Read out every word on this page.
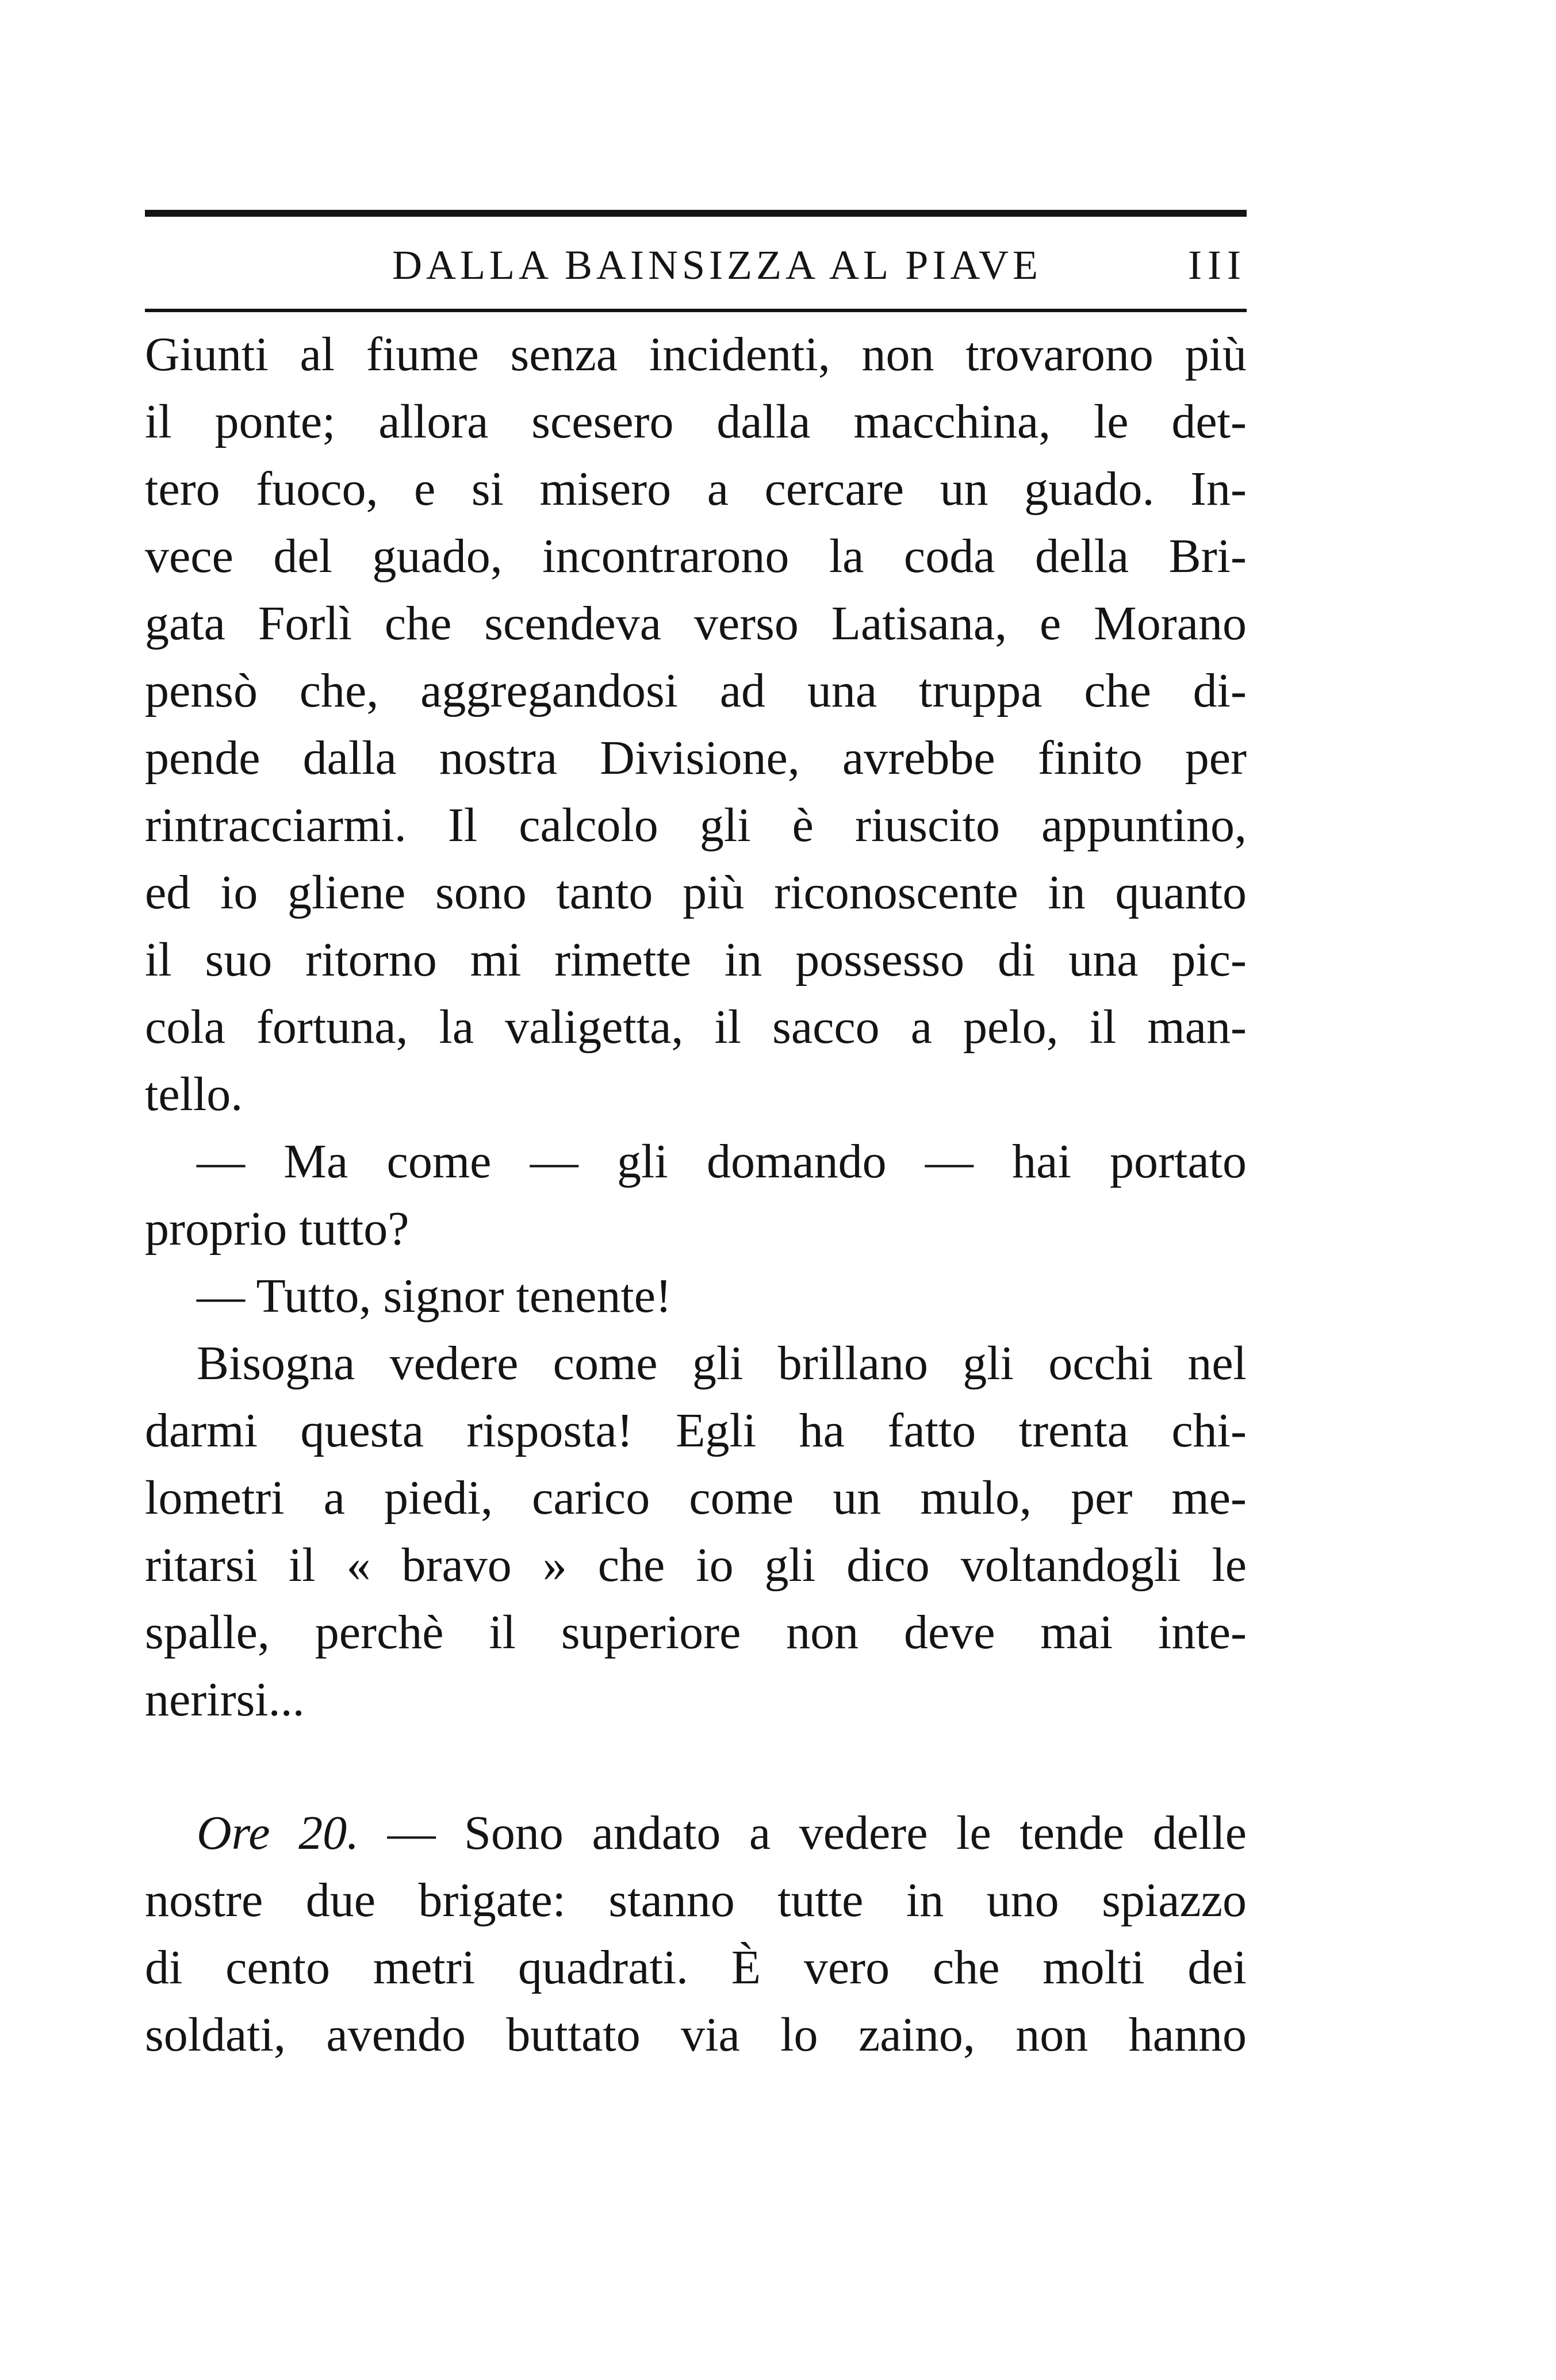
DALLA BAINSIZZA AL PIAVE	III
Giunti al fiume senza incidenti, non trovarono più
il ponte; allora scesero dalla macchina, le det-
tero fuoco, e si misero a cercare un guado. In-
vece del guado, incontrarono la coda della Bri-
gata Forlì che scendeva verso Latisana, e Morano
pensò che, aggregandosi ad una truppa che di-
pende dalla nostra Divisione, avrebbe finito per
rintracciarmi. Il calcolo gli è riuscito appuntino,
ed io gliene sono tanto più riconoscente in quanto
il suo ritorno mi rimette in possesso di una pic-
cola fortuna, la valigetta, il sacco a pelo, il man-
tello.
— Ma come — gli domando — hai portato
proprio tutto?
— Tutto, signor tenente!
Bisogna vedere come gli brillano gli occhi nel
darmi questa risposta! Egli ha fatto trenta chi-
lometri a piedi, carico come un mulo, per me-
ritarsi il « bravo » che io gli dico voltandogli le
spalle, perchè il superiore non deve mai inte-
nerirsi...
Ore 20. — Sono andato a vedere le tende delle
nostre due brigate: stanno tutte in uno spiazzo
di cento metri quadrati. È vero che molti dei
soldati, avendo buttato via lo zaino, non hanno
